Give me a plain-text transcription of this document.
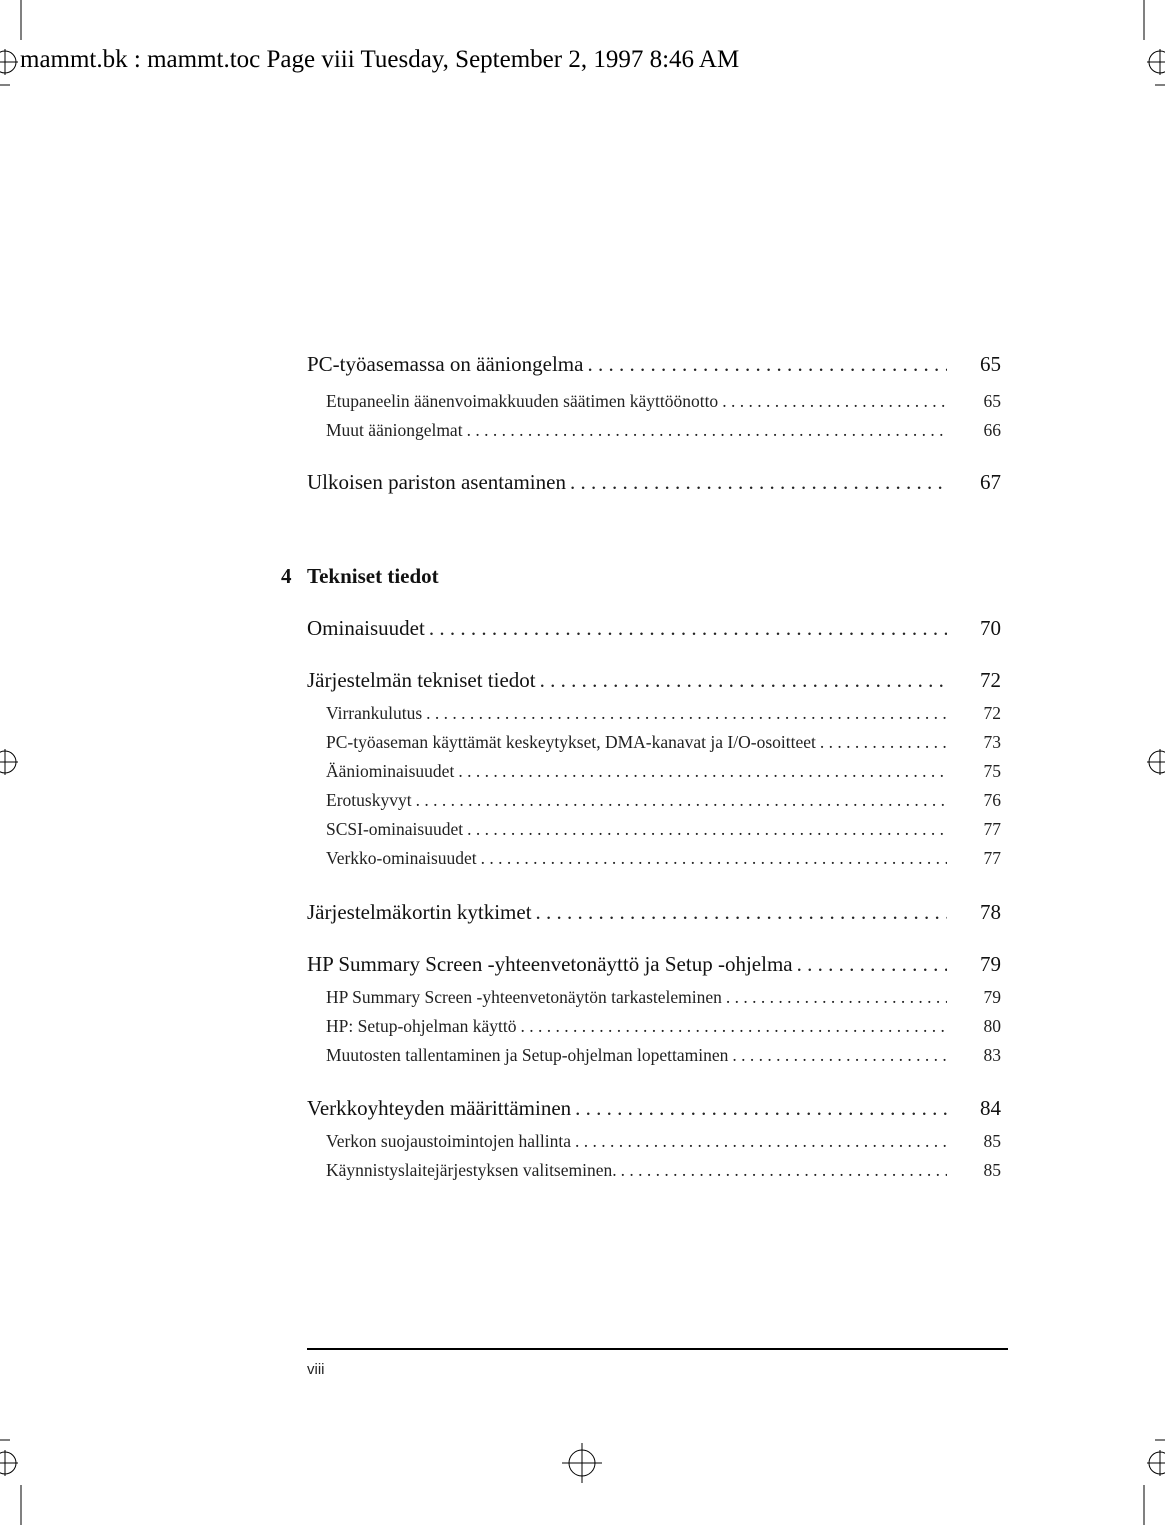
mammt.bk : mammt.toc Page viii Tuesday, September 2, 1997 8:46 AM
PC-työasemassa on ääniongelma . . .	65
Etupaneelin äänenvoimakkuuden säätimen käyttöönotto . . .	65
Muut ääniongelmat . . .	66
Ulkoisen pariston asentaminen . . .	67
4 Tekniset tiedot
Ominaisuudet . . .	70
Järjestelmän tekniset tiedot . . .	72
Virrankulutus . . .	72
PC-työaseman käyttämät keskeytykset, DMA-kanavat ja I/O-osoitteet . . .	73
Ääniominaisuudet . . .	75
Erotuskyvyt . . .	76
SCSI-ominaisuudet . . .	77
Verkko-ominaisuudet . . .	77
Järjestelmäkortin kytkimet . . .	78
HP Summary Screen -yhteenvetonäyttö ja Setup -ohjelma . . .	79
HP Summary Screen -yhteenvetonäytön tarkasteleminen . . .	79
HP: Setup-ohjelman käyttö . . .	80
Muutosten tallentaminen ja Setup-ohjelman lopettaminen . . .	83
Verkkoyhteyden määrittäminen . . .	84
Verkon suojaustoimintojen hallinta . . .	85
Käynnistyslaitejärjestyksen valitseminen. . . .	85
viii
